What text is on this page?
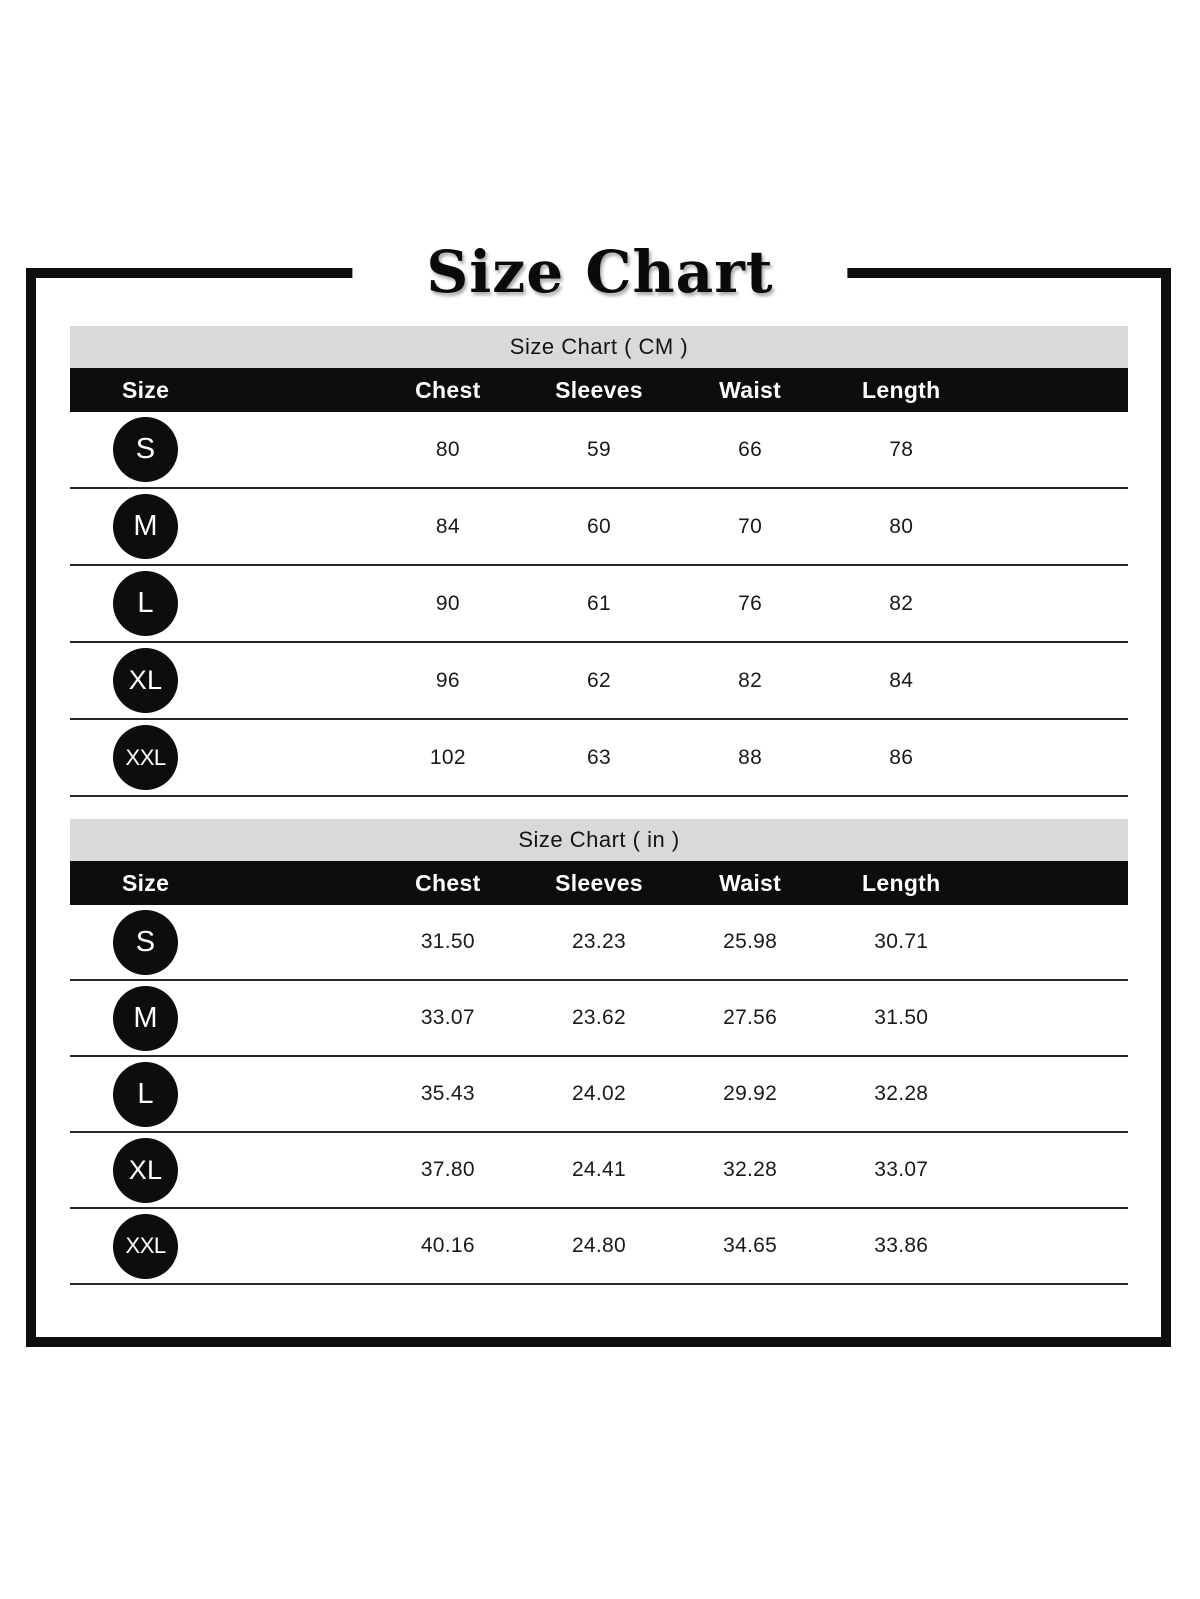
Size Chart
Size Chart ( CM )
Size	Chest	Sleeves	Waist	Length
S	80	59	66	78
M	84	60	70	80
L	90	61	76	82
XL	96	62	82	84
XXL	102	63	88	86
Size Chart ( in )
Size	Chest	Sleeves	Waist	Length
S	31.50	23.23	25.98	30.71
M	33.07	23.62	27.56	31.50
L	35.43	24.02	29.92	32.28
XL	37.80	24.41	32.28	33.07
XXL	40.16	24.80	34.65	33.86
